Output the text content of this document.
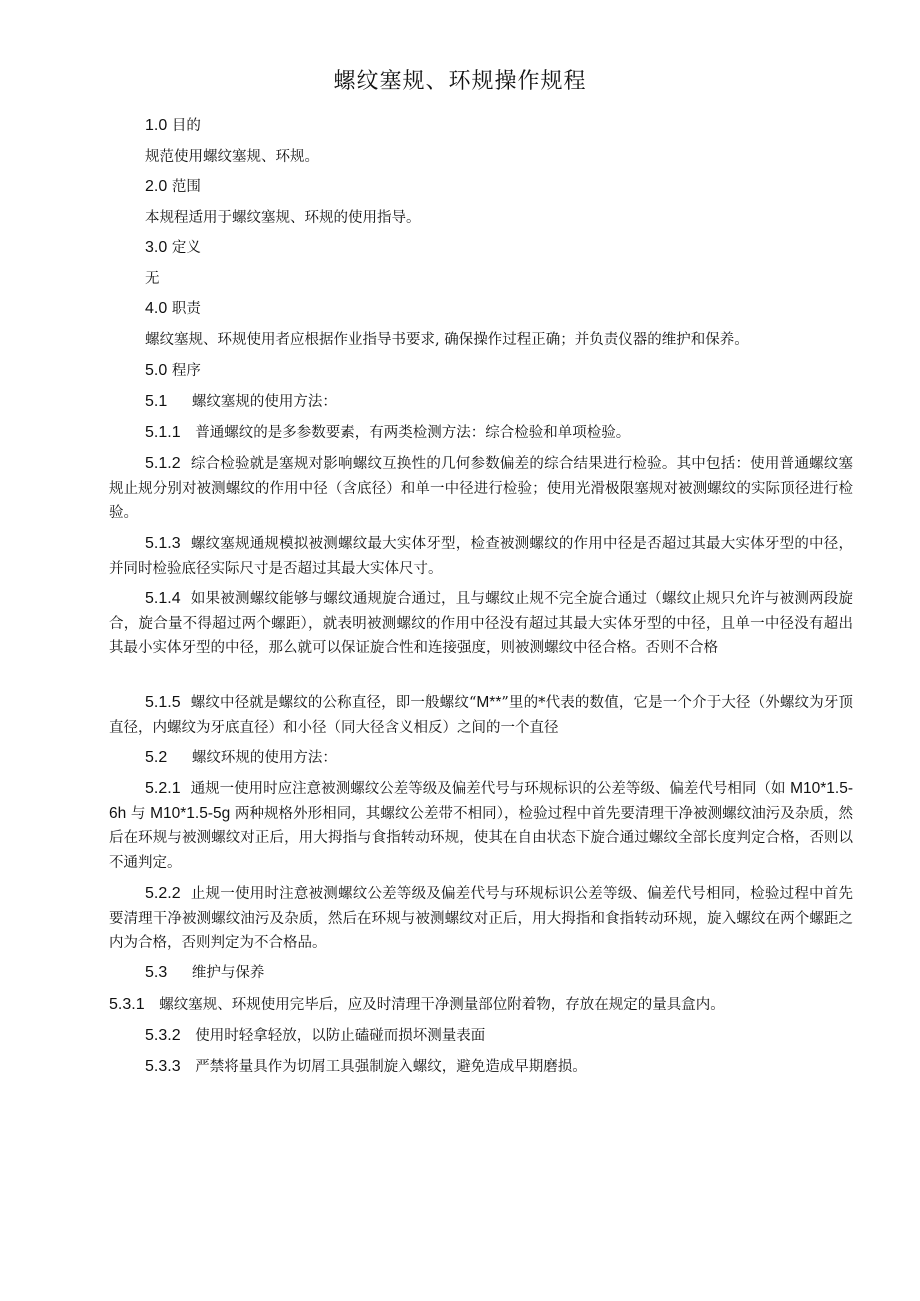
螺纹塞规、环规操作规程
1.0 目的
规范使用螺纹塞规、环规。
2.0 范围
本规程适用于螺纹塞规、环规的使用指导。
3.0 定义
无
4.0 职责
螺纹塞规、环规使用者应根据作业指导书要求, 确保操作过程正确；并负责仪器的维护和保养。
5.0 程序
5.1 螺纹塞规的使用方法：
5.1.1 普通螺纹的是多参数要素，有两类检测方法：综合检验和单项检验。
5.1.2 综合检验就是塞规对影响螺纹互换性的几何参数偏差的综合结果进行检验。其中包括：使用普通螺纹塞规止规分别对被测螺纹的作用中径（含底径）和单一中径进行检验；使用光滑极限塞规对被测螺纹的实际顶径进行检验。
5.1.3 螺纹塞规通规模拟被测螺纹最大实体牙型，检查被测螺纹的作用中径是否超过其最大实体牙型的中径，并同时检验底径实际尺寸是否超过其最大实体尺寸。
5.1.4 如果被测螺纹能够与螺纹通规旋合通过，且与螺纹止规不完全旋合通过（螺纹止规只允许与被测两段旋合，旋合量不得超过两个螺距），就表明被测螺纹的作用中径没有超过其最大实体牙型的中径，且单一中径没有超出其最小实体牙型的中径，那么就可以保证旋合性和连接强度，则被测螺纹中径合格。否则不合格
5.1.5 螺纹中径就是螺纹的公称直径，即一般螺纹“M**”里的*代表的数值，它是一个介于大径（外螺纹为牙顶直径，内螺纹为牙底直径）和小径（同大径含义相反）之间的一个直径
5.2 螺纹环规的使用方法：
5.2.1 通规一使用时应注意被测螺纹公差等级及偏差代号与环规标识的公差等级、偏差代号相同（如 M10*1.5-6h 与 M10*1.5-5g 两种规格外形相同，其螺纹公差带不相同），检验过程中首先要清理干净被测螺纹油污及杂质，然后在环规与被测螺纹对正后，用大拇指与食指转动环规，使其在自由状态下旋合通过螺纹全部长度判定合格，否则以不通判定。
5.2.2 止规一使用时注意被测螺纹公差等级及偏差代号与环规标识公差等级、偏差代号相同，检验过程中首先要清理干净被测螺纹油污及杂质，然后在环规与被测螺纹对正后，用大拇指和食指转动环规，旋入螺纹在两个螺距之内为合格，否则判定为不合格品。
5.3 维护与保养
5.3.1 螺纹塞规、环规使用完毕后，应及时清理干净测量部位附着物，存放在规定的量具盒内。
5.3.2 使用时轻拿轻放，以防止磕碰而损坏测量表面
5.3.3 严禁将量具作为切屑工具强制旋入螺纹，避免造成早期磨损。
